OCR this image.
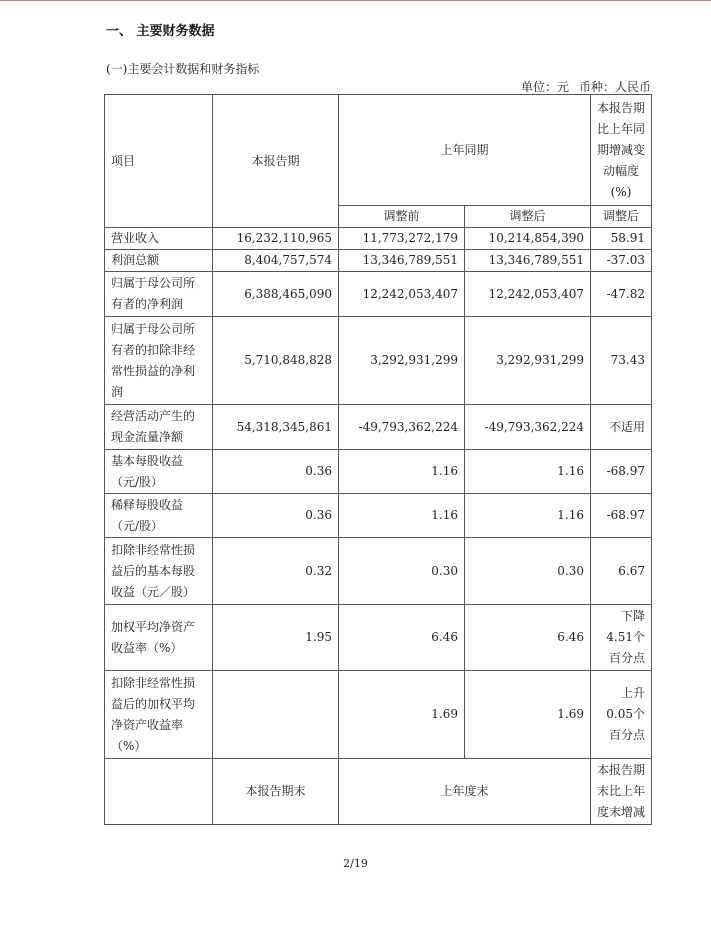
一、 主要财务数据
(一)主要会计数据和财务指标
单位：元 币种：人民币
项目	本报告期	上年同期		本报告期比上年同期增减变动幅度(%)
		调整前	调整后	调整后
营业收入	16,232,110,965	11,773,272,179	10,214,854,390	58.91
利润总额	8,404,757,574	13,346,789,551	13,346,789,551	-37.03
归属于母公司所有者的净利润	6,388,465,090	12,242,053,407	12,242,053,407	-47.82
归属于母公司所有者的扣除非经常性损益的净利润	5,710,848,828	3,292,931,299	3,292,931,299	73.43
经营活动产生的现金流量净额	54,318,345,861	-49,793,362,224	-49,793,362,224	不适用
基本每股收益（元/股）	0.36	1.16	1.16	-68.97
稀释每股收益（元/股）	0.36	1.16	1.16	-68.97
扣除非经常性损益后的基本每股收益（元／股）	0.32	0.30	0.30	6.67
加权平均净资产收益率（%）	1.95	6.46	6.46	下降4.51个百分点
扣除非经常性损益后的加权平均净资产收益率（%）		1.69	1.69	上升0.05个百分点
	本报告期末	上年度末		本报告期末比上年度末增减
2/19
